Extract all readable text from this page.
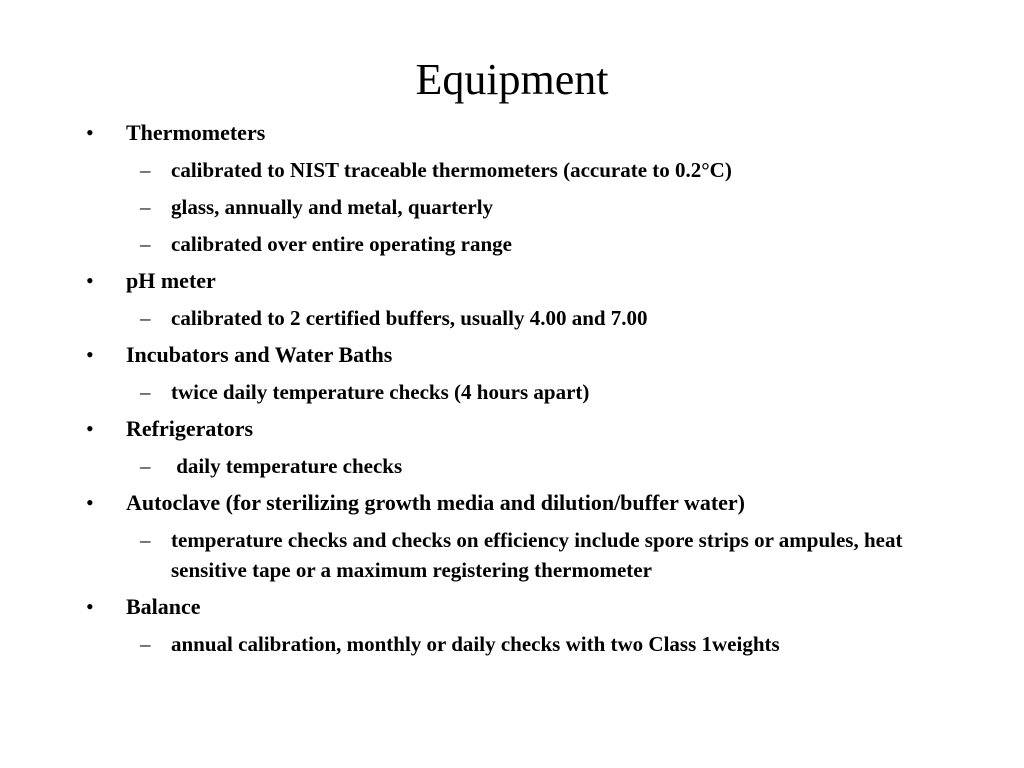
Equipment
• Thermometers
– calibrated to NIST traceable thermometers (accurate to 0.2°C)
– glass, annually and metal, quarterly
– calibrated over entire operating range
• pH meter
– calibrated to 2 certified buffers, usually 4.00 and 7.00
• Incubators and Water Baths
– twice daily temperature checks (4 hours apart)
• Refrigerators
– daily temperature checks
• Autoclave (for sterilizing growth media and dilution/buffer water)
– temperature checks and checks on efficiency include spore strips or ampules, heat sensitive tape or a maximum registering thermometer
• Balance
– annual calibration, monthly or daily checks with two Class 1weights
